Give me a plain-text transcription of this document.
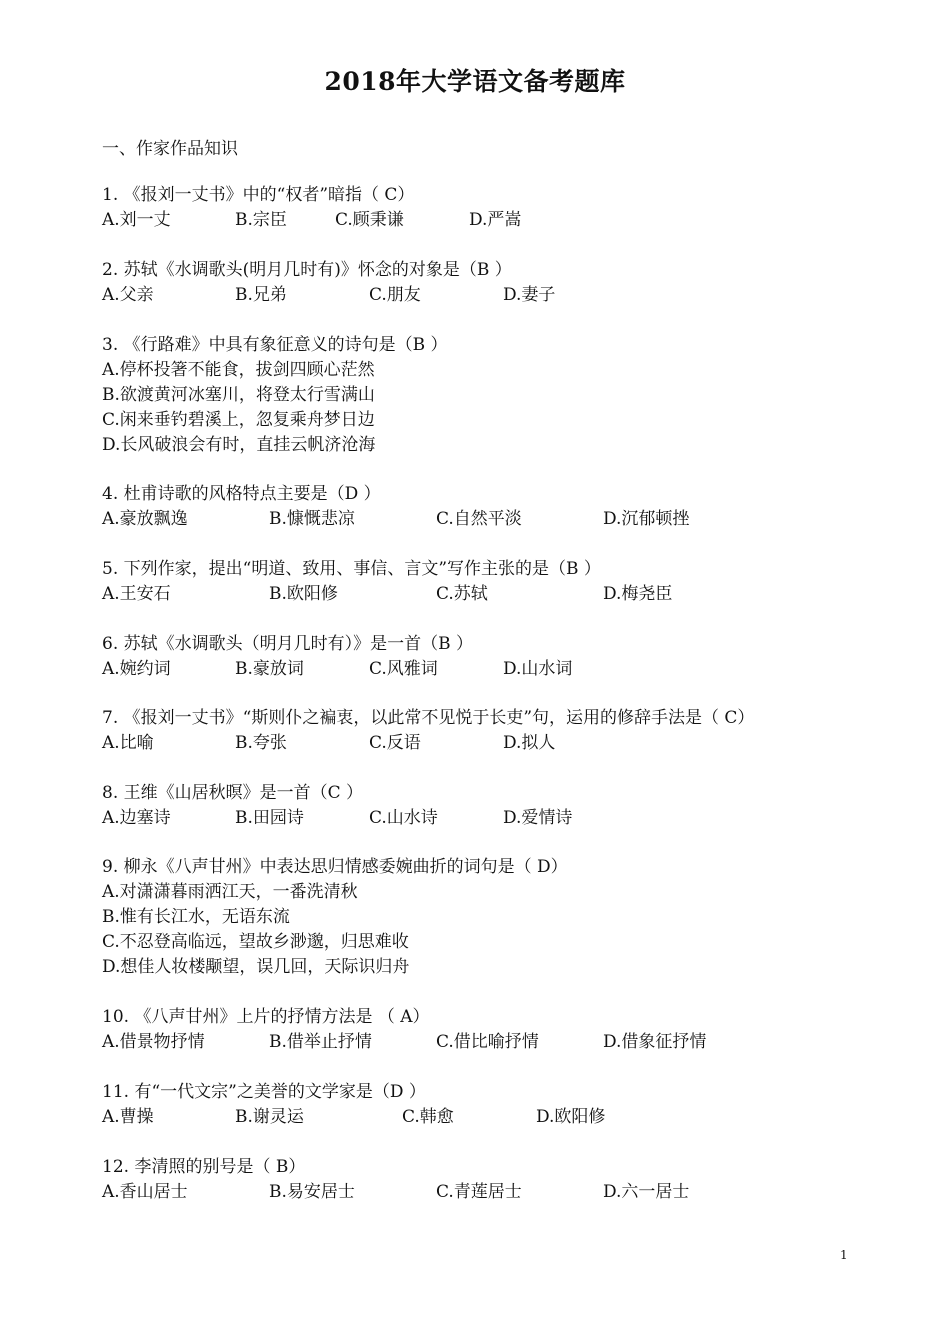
2018年大学语文备考题库
一、作家作品知识
1. 《报刘一丈书》中的“权者”暗指（ C）
A.刘一丈	B.宗臣	C.顾秉谦	D.严嵩
2. 苏轼《水调歌头(明月几时有)》怀念的对象是（B ）
A.父亲	B.兄弟	C.朋友	D.妻子
3. 《行路难》中具有象征意义的诗句是（B ）
A.停杯投箸不能食，拔剑四顾心茫然
B.欲渡黄河冰塞川，将登太行雪满山
C.闲来垂钓碧溪上，忽复乘舟梦日边
D.长风破浪会有时，直挂云帆济沧海
4. 杜甫诗歌的风格特点主要是（D ）
A.豪放飘逸	B.慷慨悲凉	C.自然平淡	D.沉郁顿挫
5. 下列作家，提出“明道、致用、事信、言文”写作主张的是（B ）
A.王安石	B.欧阳修	C.苏轼	D.梅尧臣
6. 苏轼《水调歌头（明月几时有）》是一首（B ）
A.婉约词	B.豪放词	C.风雅词	D.山水词
7. 《报刘一丈书》“斯则仆之褊衷，以此常不见悦于长吏”句，运用的修辞手法是（ C）
A.比喻	B.夸张	C.反语	D.拟人
8. 王维《山居秋暝》是一首（C ）
A.边塞诗	B.田园诗	C.山水诗	D.爱情诗
9. 柳永《八声甘州》中表达思归情感委婉曲折的词句是（ D）
A.对潇潇暮雨洒江天，一番洗清秋
B.惟有长江水，无语东流
C.不忍登高临远，望故乡渺邈，归思难收
D.想佳人妆楼颙望，误几回，天际识归舟
10. 《八声甘州》上片的抒情方法是 （ A）
A.借景物抒情	B.借举止抒情	C.借比喻抒情	D.借象征抒情
11. 有“一代文宗”之美誉的文学家是（D ）
A.曹操	B.谢灵运	C.韩愈	D.欧阳修
12. 李清照的别号是（ B）
A.香山居士	B.易安居士	C.青莲居士	D.六一居士
1
